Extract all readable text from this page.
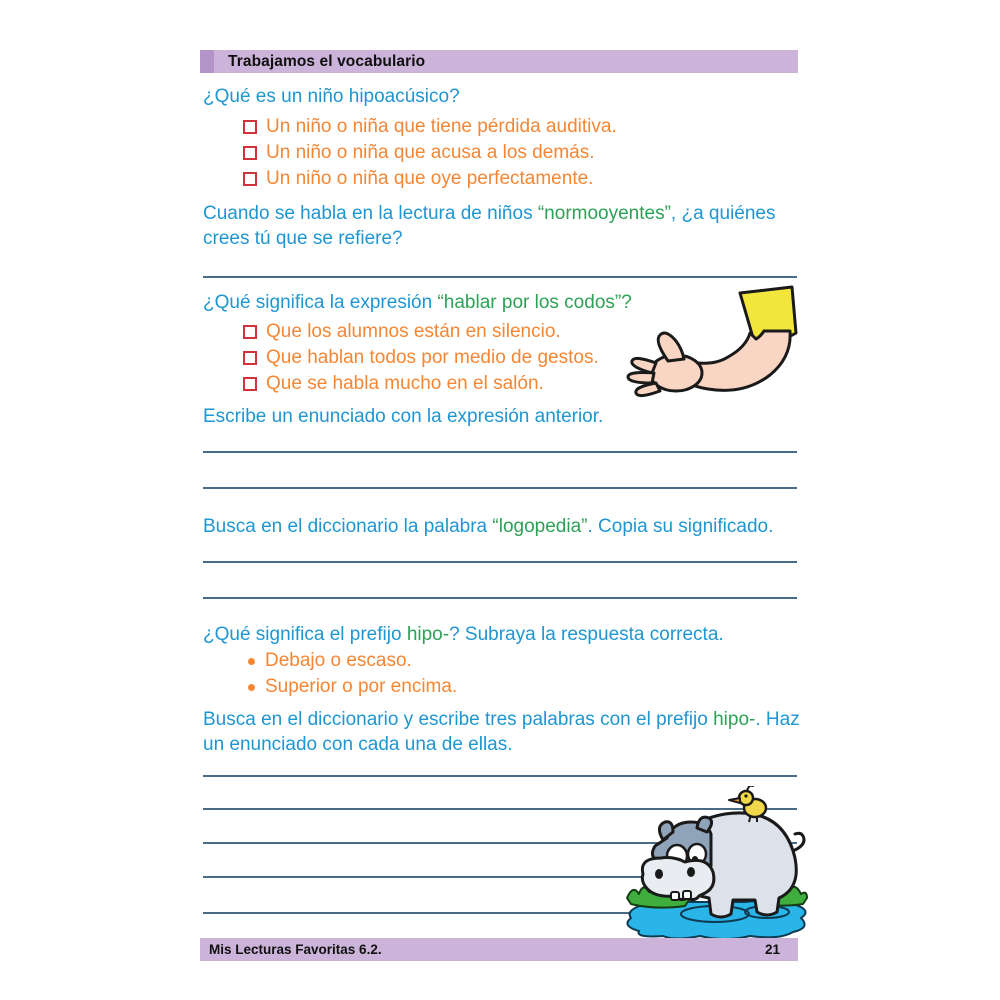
Trabajamos el vocabulario
¿Qué es un niño hipoacúsico?
Un niño o niña que tiene pérdida auditiva.
Un niño o niña que acusa a los demás.
Un niño o niña que oye perfectamente.
Cuando se habla en la lectura de niños “normooyentes”, ¿a quiénes crees tú que se refiere?
¿Qué significa la expresión “hablar por los codos”?
Que los alumnos están en silencio.
Que hablan todos por medio de gestos.
Que se habla mucho en el salón.
Escribe un enunciado con la expresión anterior.
Busca en el diccionario la palabra “logopedia”. Copia su significado.
¿Qué significa el prefijo hipo-? Subraya la respuesta correcta.
Debajo o escaso.
Superior o por encima.
Busca en el diccionario y escribe tres palabras con el prefijo hipo-. Haz un enunciado con cada una de ellas.
Mis Lecturas Favoritas 6.2.	21
